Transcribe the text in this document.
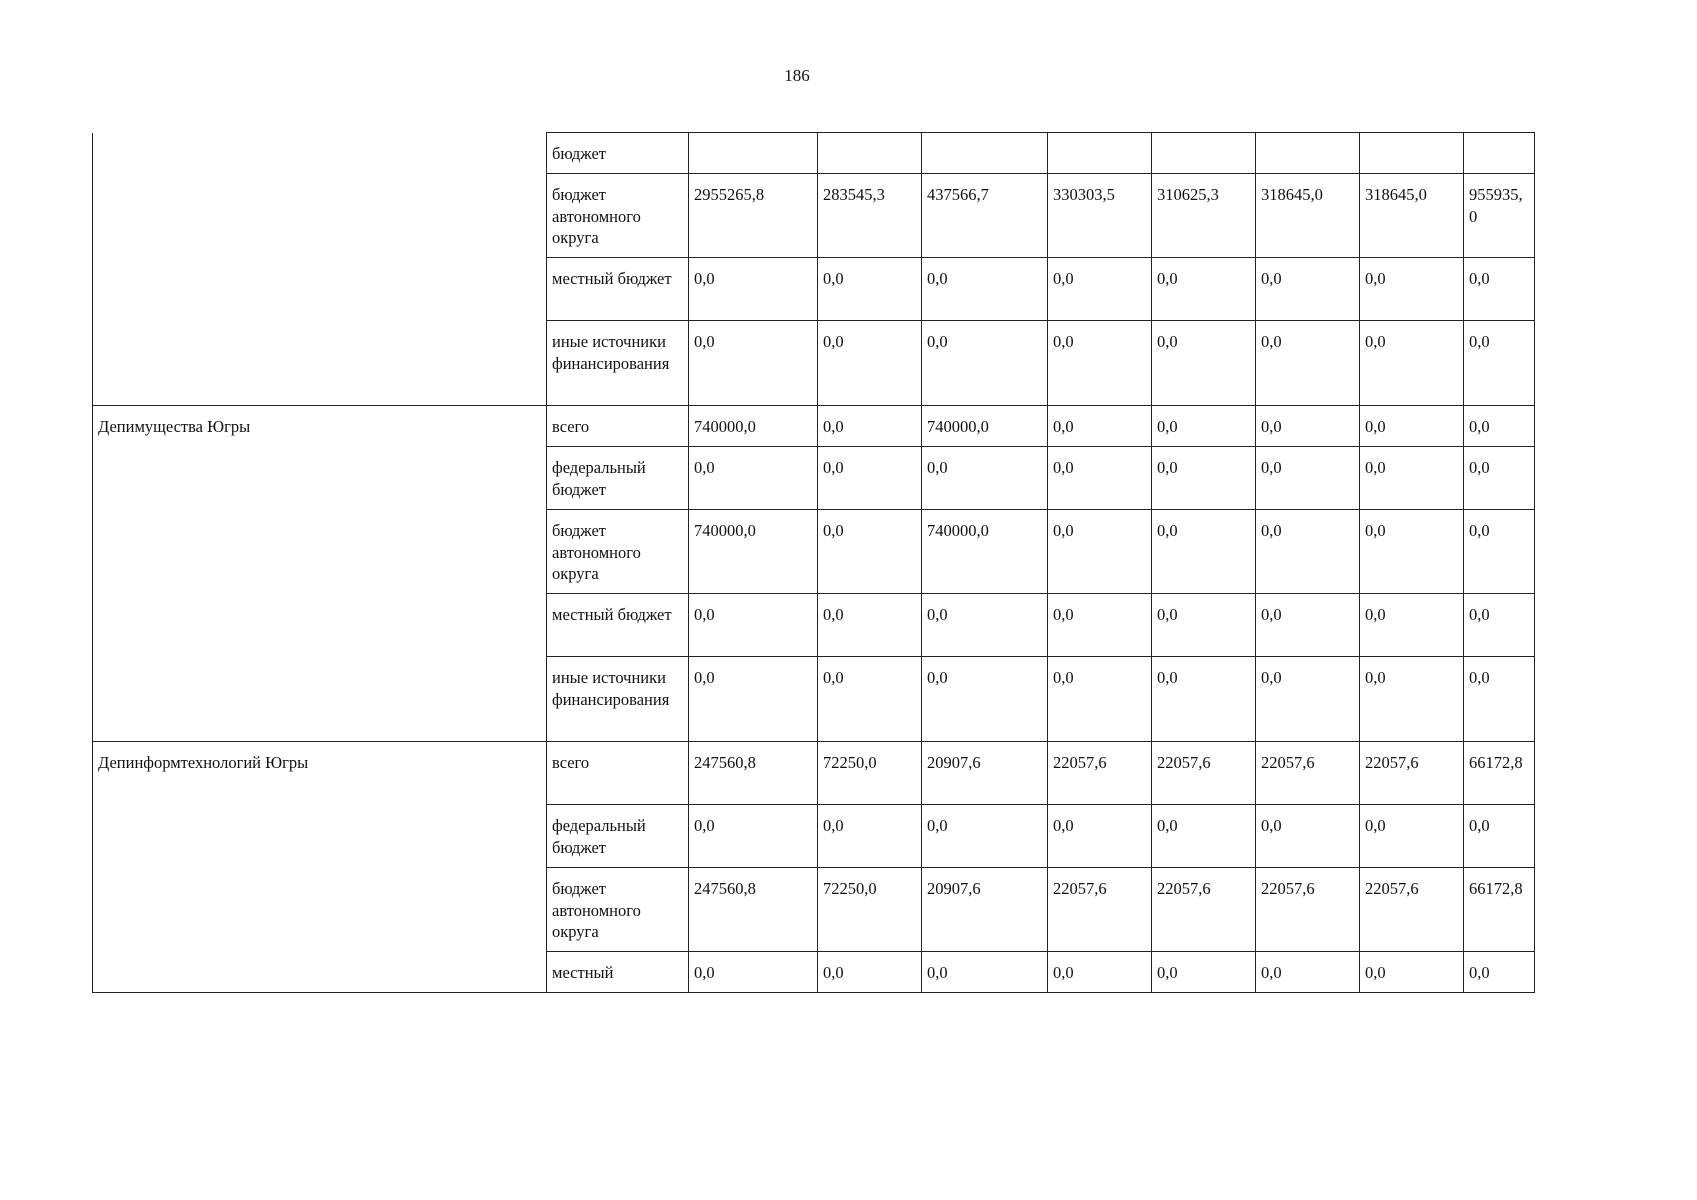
186
	бюджет								
	бюджет автономного округа	2955265,8	283545,3	437566,7	330303,5	310625,3	318645,0	318645,0	955935,0
	местный бюджет	0,0	0,0	0,0	0,0	0,0	0,0	0,0	0,0
	иные источники финансирования	0,0	0,0	0,0	0,0	0,0	0,0	0,0	0,0
Депимущества Югры	всего	740000,0	0,0	740000,0	0,0	0,0	0,0	0,0	0,0
	федеральный бюджет	0,0	0,0	0,0	0,0	0,0	0,0	0,0	0,0
	бюджет автономного округа	740000,0	0,0	740000,0	0,0	0,0	0,0	0,0	0,0
	местный бюджет	0,0	0,0	0,0	0,0	0,0	0,0	0,0	0,0
	иные источники финансирования	0,0	0,0	0,0	0,0	0,0	0,0	0,0	0,0
Депинформтехнологий Югры	всего	247560,8	72250,0	20907,6	22057,6	22057,6	22057,6	22057,6	66172,8
	федеральный бюджет	0,0	0,0	0,0	0,0	0,0	0,0	0,0	0,0
	бюджет автономного округа	247560,8	72250,0	20907,6	22057,6	22057,6	22057,6	22057,6	66172,8
	местный	0,0	0,0	0,0	0,0	0,0	0,0	0,0	0,0
